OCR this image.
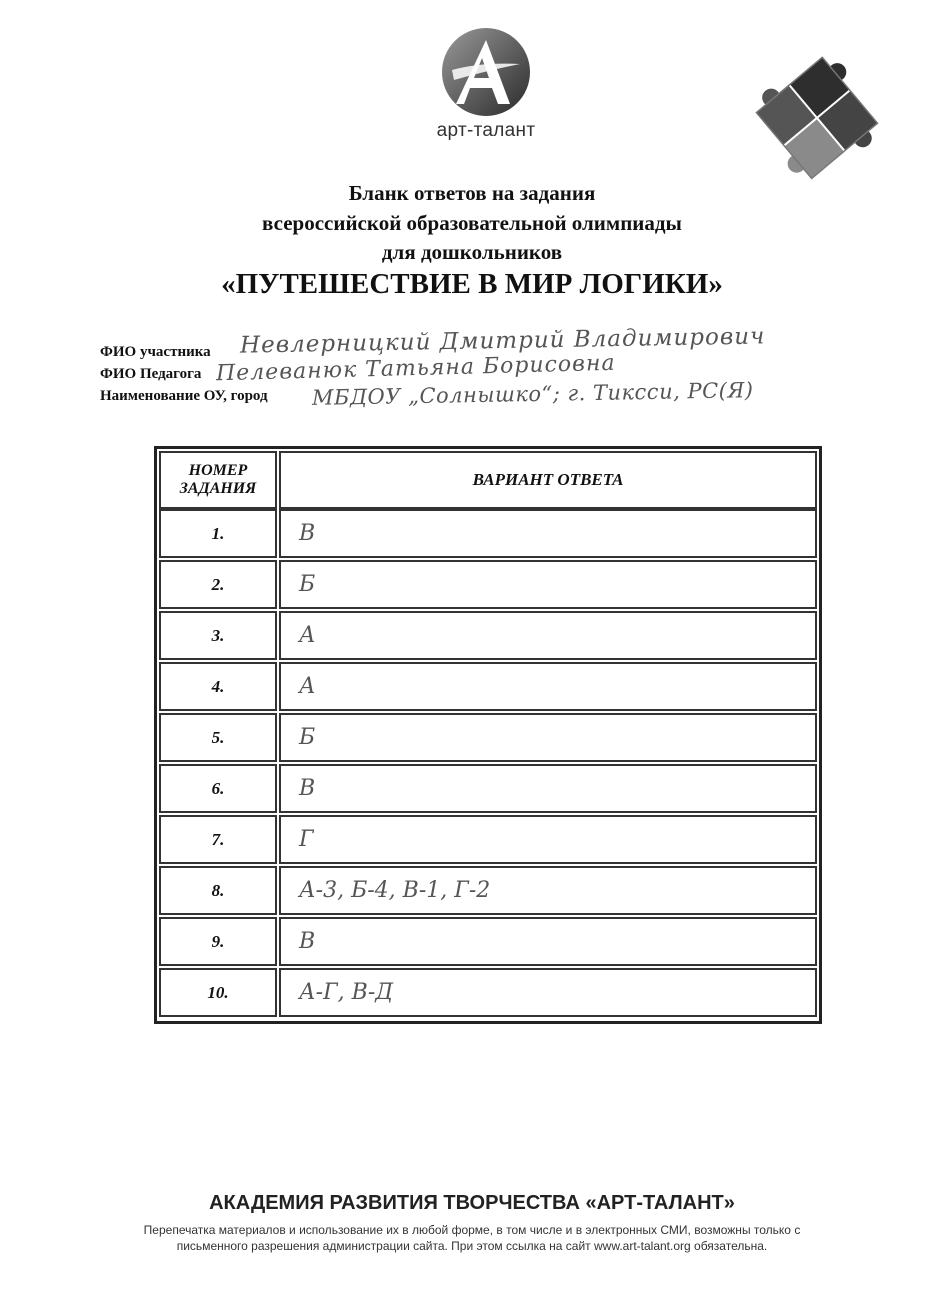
арт-талант
Бланк ответов на задания
всероссийской образовательной олимпиады
для дошкольников
«ПУТЕШЕСТВИЕ В МИР ЛОГИКИ»
ФИО участника Невлерницкий Дмитрий Владимирович
ФИО Педагога Пелеванюк Татьяна Борисовна
Наименование ОУ, город МБДОУ „Солнышко“; г. Тиксси, РС(Я)
НОМЕР
ЗАДАНИЯ	ВАРИАНТ ОТВЕТА
1.	В
2.	Б
3.	А
4.	А
5.	Б
6.	В
7.	Г
8.	А-3, Б-4, В-1, Г-2
9.	В
10.	А-Г, В-Д
АКАДЕМИЯ РАЗВИТИЯ ТВОРЧЕСТВА «АРТ-ТАЛАНТ»
Перепечатка материалов и использование их в любой форме, в том числе и в электронных СМИ, возможны только с
письменного разрешения администрации сайта. При этом ссылка на сайт www.art-talant.org обязательна.
